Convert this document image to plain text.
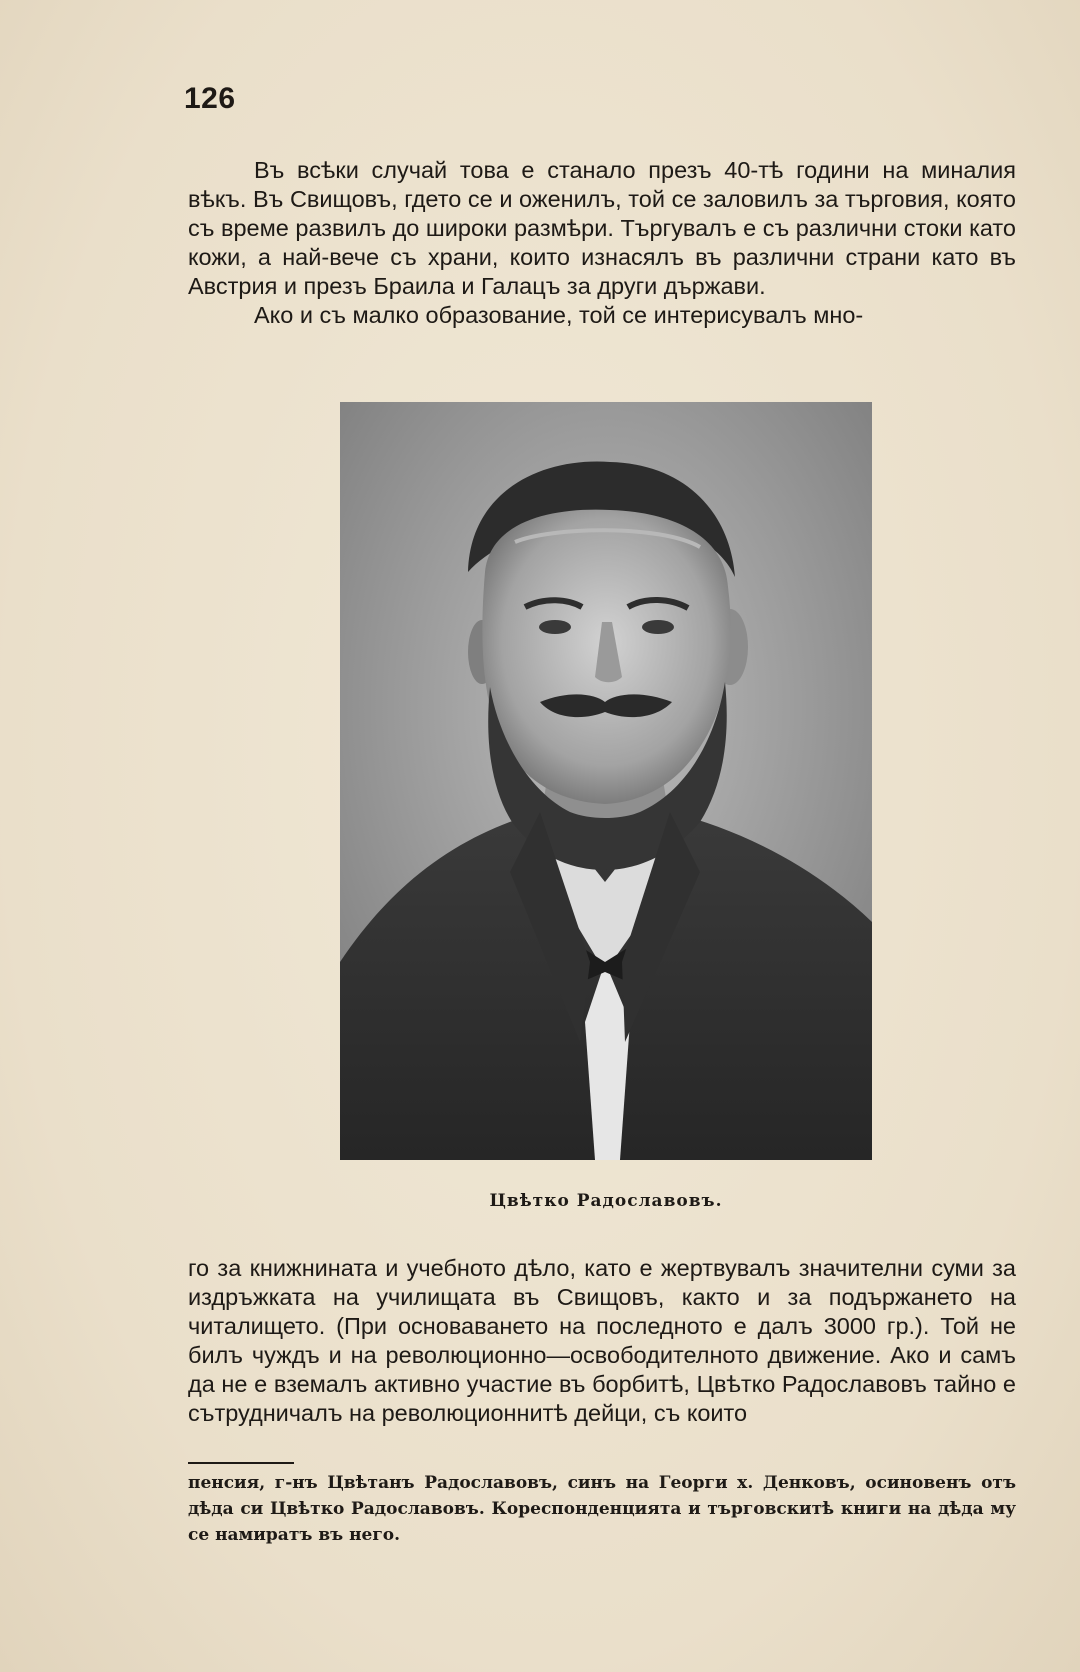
126

Въ всѣки случай това е станало презъ 40-тѣ години на миналия вѣкъ. Въ Свищовъ, гдето се и оженилъ, той се заловилъ за търговия, която съ време развилъ до широки размѣри. Търгувалъ е съ различни стоки като кожи, а най-вече съ храни, които изнасялъ въ различни страни като въ Австрия и презъ Браила и Галацъ за други държави.

Ако и съ малко образование, той се интерисувалъ мно-

Цвѣтко Радославовъ.

го за книжнината и учебното дѣло, като е жертвувалъ значителни суми за издръжката на училищата въ Свищовъ, както и за подържането на читалището. (При основаването на последното е далъ 3000 гр.). Той не билъ чуждъ и на революционно—освободителното движение. Ако и самъ да не е вземалъ активно участие въ борбитѣ, Цвѣтко Радославовъ тайно е сътрудничалъ на революционнитѣ дейци, съ които

пенсия, г-нъ Цвѣтанъ Радославовъ, синъ на Георги х. Денковъ, осиновенъ отъ дѣда си Цвѣтко Радославовъ. Кореспонденцията и търговскитѣ книги на дѣда му се намиратъ въ него.
